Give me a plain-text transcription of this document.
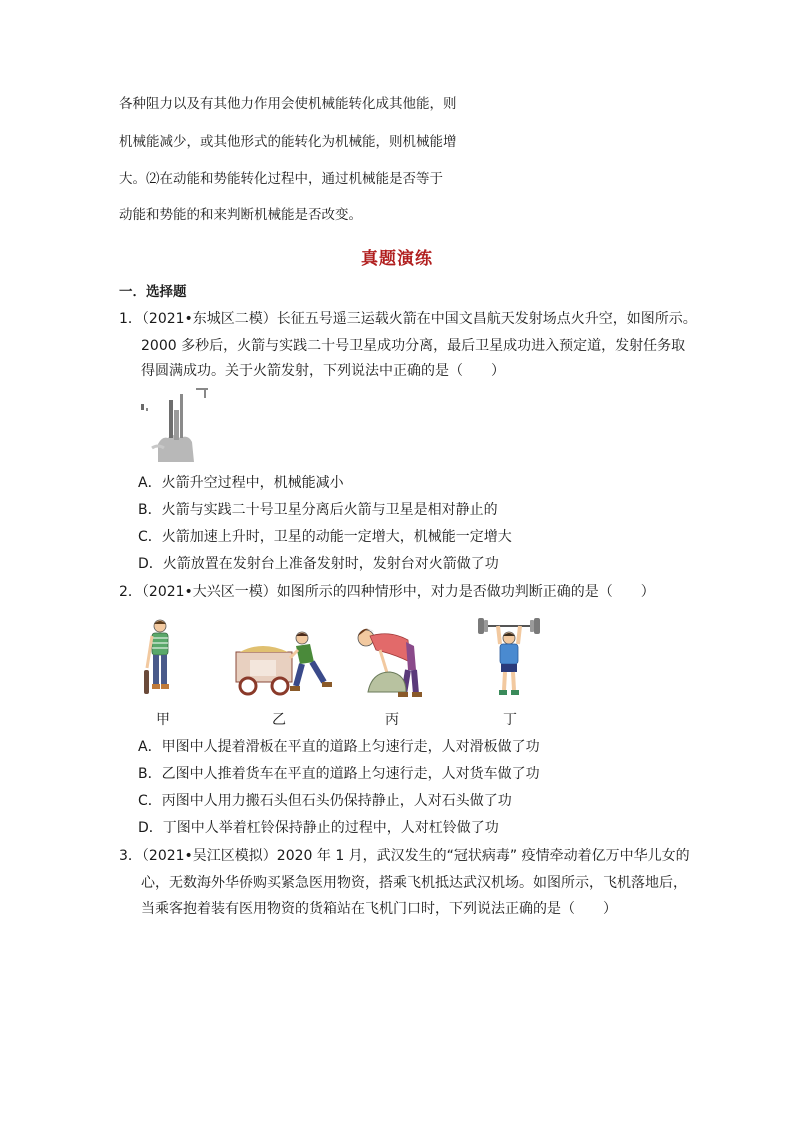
各种阻力以及有其他力作用会使机械能转化成其他能，则
机械能减少，或其他形式的能转化为机械能，则机械能增
大。⑵在动能和势能转化过程中，通过机械能是否等于
动能和势能的和来判断机械能是否改变。
真题演练
一．选择题
1．（2021•东城区二模）长征五号遥三运载火箭在中国文昌航天发射场点火升空，如图所示。
2000 多秒后，火箭与实践二十号卫星成功分离，最后卫星成功进入预定道，发射任务取
得圆满成功。关于火箭发射，下列说法中正确的是（　　）
A．火箭升空过程中，机械能减小
B．火箭与实践二十号卫星分离后火箭与卫星是相对静止的
C．火箭加速上升时，卫星的动能一定增大，机械能一定增大
D．火箭放置在发射台上准备发射时，发射台对火箭做了功
2．（2021•大兴区一模）如图所示的四种情形中，对力是否做功判断正确的是（　　）
甲	乙	丙	丁
A．甲图中人提着滑板在平直的道路上匀速行走，人对滑板做了功
B．乙图中人推着货车在平直的道路上匀速行走，人对货车做了功
C．丙图中人用力搬石头但石头仍保持静止，人对石头做了功
D．丁图中人举着杠铃保持静止的过程中，人对杠铃做了功
3．（2021•吴江区模拟）2020 年 1 月，武汉发生的“冠状病毒” 疫情牵动着亿万中华儿女的
心，无数海外华侨购买紧急医用物资，搭乘飞机抵达武汉机场。如图所示，飞机落地后，
当乘客抱着装有医用物资的货箱站在飞机门口时，下列说法正确的是（　　）
